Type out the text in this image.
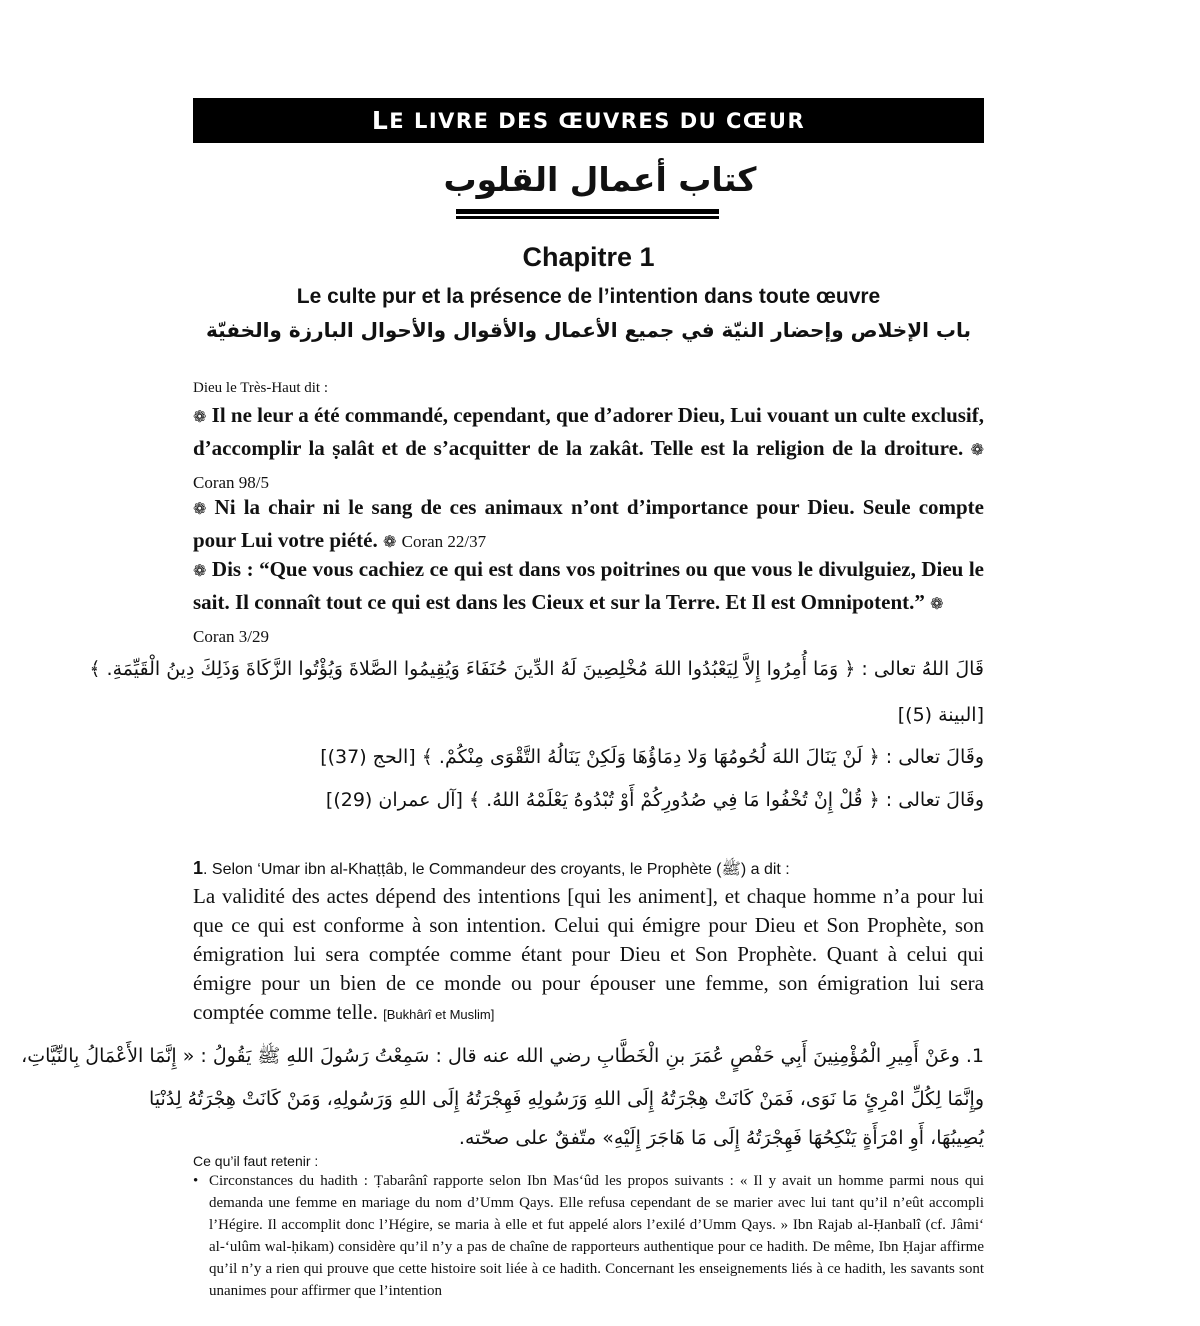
L E LIVRE DES ŒUVRES DU CŒUR
كتاب أعمال القلوب
Chapitre 1
Le culte pur et la présence de l’intention dans toute œuvre
باب الإخلاص وإحضار النيّة في جميع الأعمال والأقوال والأحوال البارزة والخفيّة
Dieu le Très-Haut dit :
❁ Il ne leur a été commandé, cependant, que d’adorer Dieu, Lui vouant un culte exclusif, d’accomplir la ṣalât et de s’acquitter de la zakât. Telle est la religion de la droiture. ❁ Coran 98/5
❁ Ni la chair ni le sang de ces animaux n’ont d’importance pour Dieu. Seule compte pour Lui votre piété. ❁ Coran 22/37
❁ Dis : “Que vous cachiez ce qui est dans vos poitrines ou que vous le divulguiez, Dieu le sait. Il connaît tout ce qui est dans les Cieux et sur la Terre. Et Il est Omnipotent.” ❁
Coran 3/29
قَالَ اللهُ تعالى : ﴿ وَمَا أُمِرُوا إِلاَّ لِيَعْبُدُوا اللهَ مُخْلِصِينَ لَهُ الدِّينَ حُنَفَاءَ وَيُقِيمُوا الصَّلاةَ وَيُؤْتُوا الزَّكَاةَ وَذَلِكَ دِينُ الْقَيِّمَةِ. ﴾
[البينة (5)]
وقَالَ تعالى : ﴿ لَنْ يَنَالَ اللهَ لُحُومُهَا وَلا دِمَاؤُهَا وَلَكِنْ يَنَالُهُ التَّقْوَى مِنْكُمْ. ﴾ [الحج (37)]
وقَالَ تعالى : ﴿ قُلْ إِنْ تُخْفُوا مَا فِي صُدُورِكُمْ أَوْ تُبْدُوهُ يَعْلَمْهُ اللهُ. ﴾ [آل عمران (29)]
1. Selon ‘Umar ibn al-Khaṭṭâb, le Commandeur des croyants, le Prophète (ﷺ) a dit :
La validité des actes dépend des intentions [qui les animent], et chaque homme n’a pour lui que ce qui est conforme à son intention. Celui qui émigre pour Dieu et Son Prophète, son émigration lui sera comptée comme étant pour Dieu et Son Prophète. Quant à celui qui émigre pour un bien de ce monde ou pour épouser une femme, son émigration lui sera comptée comme telle. [Bukhârî et Muslim]
1. وعَنْ أَمِيرِ الْمُؤْمِنِينَ أَبِي حَفْصٍ عُمَرَ بنِ الْخَطَّابِ رضي الله عنه قال : سَمِعْتُ رَسُولَ اللهِ ﷺ يَقُولُ : « إِنَّمَا الأَعْمَالُ بِالنِّيَّاتِ،
وإِنَّمَا لِكُلِّ امْرِئٍ مَا نَوَى، فَمَنْ كَانَتْ هِجْرَتُهُ إِلَى اللهِ وَرَسُولِهِ فَهِجْرَتُهُ إِلَى اللهِ وَرَسُولِهِ، وَمَنْ كَانَتْ هِجْرَتُهُ لِدُنْيَا
يُصِيبُهَا، أَوِ امْرَأَةٍ يَنْكِحُهَا فَهِجْرَتُهُ إِلَى مَا هَاجَرَ إِلَيْهِ» متّفقٌ على صحّته.
Ce qu’il faut retenir :
• Circonstances du hadith : Ṭabarânî rapporte selon Ibn Mas‘ûd les propos suivants : « Il y avait un homme parmi nous qui demanda une femme en mariage du nom d’Umm Qays. Elle refusa cependant de se marier avec lui tant qu’il n’eût accompli l’Hégire. Il accomplit donc l’Hégire, se maria à elle et fut appelé alors l’exilé d’Umm Qays. » Ibn Rajab al-Ḥanbalî (cf. Jâmi‘ al-‘ulûm wal-ḥikam) considère qu’il n’y a pas de chaîne de rapporteurs authentique pour ce hadith. De même, Ibn Ḥajar affirme qu’il n’y a rien qui prouve que cette histoire soit liée à ce hadith. Concernant les enseignements liés à ce hadith, les savants sont unanimes pour affirmer que l’intention
